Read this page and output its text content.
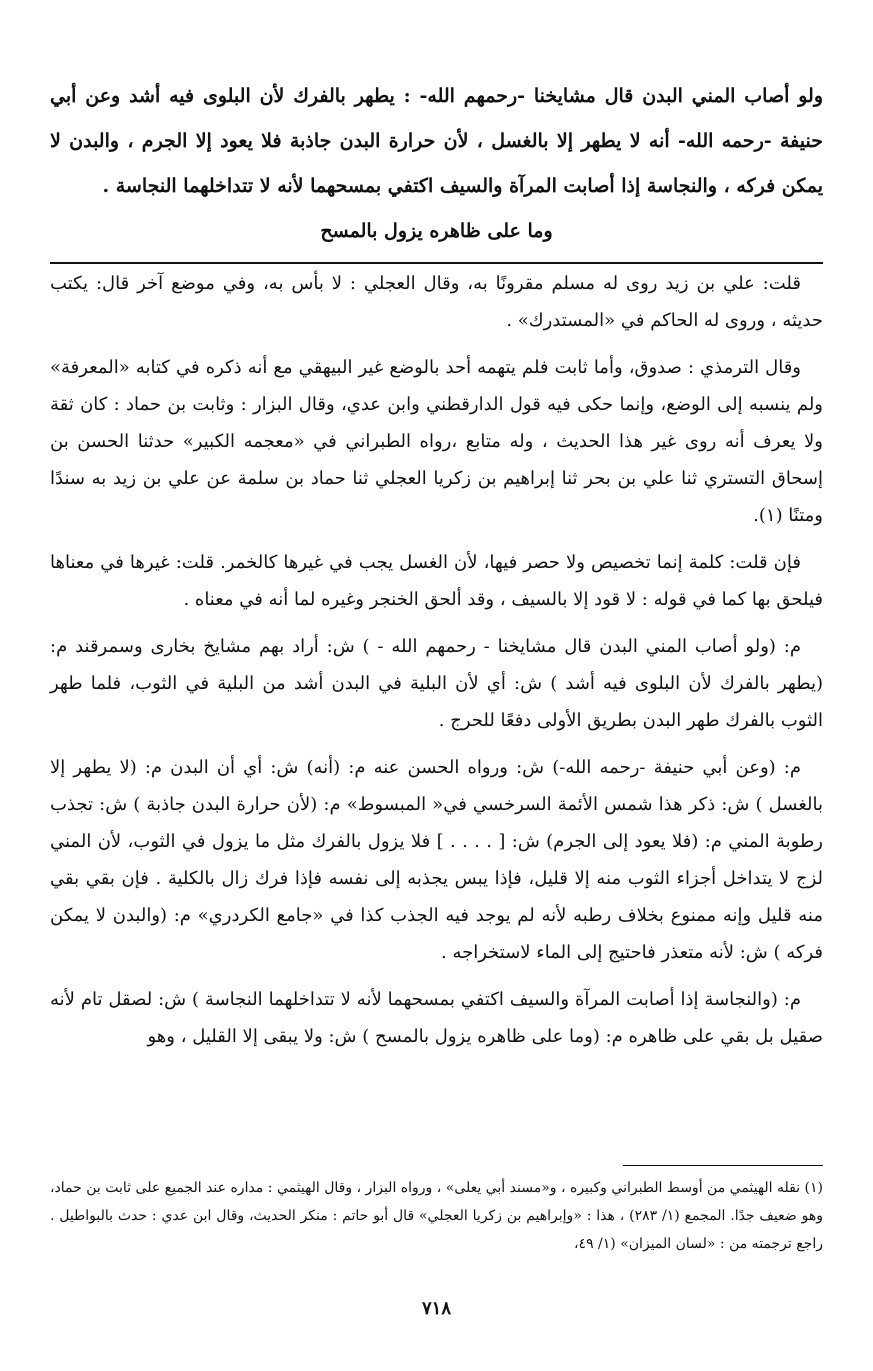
ولو أصاب المني البدن قال مشايخنا -رحمهم الله- : يطهر بالفرك لأن البلوى فيه أشد وعن أبي حنيفة -رحمه الله- أنه لا يطهر إلا بالغسل ، لأن حرارة البدن جاذبة فلا يعود إلا الجرم ، والبدن لا يمكن فركه ، والنجاسة إذا أصابت المرآة والسيف اكتفي بمسحهما لأنه لا تتداخلهما النجاسة .

وما على ظاهره يزول بالمسح

قلت: علي بن زيد روى له مسلم مقرونًا به، وقال العجلي : لا بأس به، وفي موضع آخر قال: يكتب حديثه ، وروى له الحاكم في «المستدرك» .

وقال الترمذي : صدوق، وأما ثابت فلم يتهمه أحد بالوضع غير البيهقي مع أنه ذكره في كتابه «المعرفة» ولم ينسبه إلى الوضع، وإنما حكى فيه قول الدارقطني وابن عدي، وقال البزار : وثابت بن حماد : كان ثقة ولا يعرف أنه روى غير هذا الحديث ، وله متابع ،رواه الطبراني في «معجمه الكبير» حدثنا الحسن بن إسحاق التستري ثنا علي بن بحر ثنا إبراهيم بن زكريا العجلي ثنا حماد بن سلمة عن علي بن زيد به سندًا ومتنًا (١).

فإن قلت: كلمة إنما تخصيص ولا حصر فيها، لأن الغسل يجب في غيرها كالخمر. قلت: غيرها في معناها فيلحق بها كما في قوله : لا قود إلا بالسيف ، وقد ألحق الخنجر وغيره لما أنه في معناه .

م: (ولو أصاب المني البدن قال مشايخنا - رحمهم الله - ) ش: أراد بهم مشايخ بخارى وسمرقند م: (يطهر بالفرك لأن البلوى فيه أشد ) ش: أي لأن البلية في البدن أشد من البلية في الثوب، فلما طهر الثوب بالفرك طهر البدن بطريق الأولى دفعًا للحرج .

م: (وعن أبي حنيفة -رحمه الله-) ش: ورواه الحسن عنه م: (أنه) ش: أي أن البدن م: (لا يطهر إلا بالغسل ) ش: ذكر هذا شمس الأئمة السرخسي في« المبسوط» م: (لأن حرارة البدن جاذبة ) ش: تجذب رطوبة المني م: (فلا يعود إلى الجرم) ش: [ . . . . ] فلا يزول بالفرك مثل ما يزول في الثوب، لأن المني لزج لا يتداخل أجزاء الثوب منه إلا قليل، فإذا يبس يجذبه إلى نفسه فإذا فرك زال بالكلية . فإن بقي بقي منه قليل وإنه ممنوع بخلاف رطبه لأنه لم يوجد فيه الجذب كذا في «جامع الكردري» م: (والبدن لا يمكن فركه ) ش: لأنه متعذر فاحتيج إلى الماء لاستخراجه .

م: (والنجاسة إذا أصابت المرآة والسيف اكتفي بمسحهما لأنه لا تتداخلهما النجاسة ) ش: لصقل تام لأنه صقيل بل بقي على ظاهره م: (وما على ظاهره يزول بالمسح ) ش: ولا يبقى إلا القليل ، وهو

(١) نقله الهيثمي من أوسط الطبراني وكبيره ، و«مسند أبي يعلى» ، ورواه البزار ، وقال الهيثمي : مداره عند الجميع على ثابت بن حماد، وهو ضعيف جدًا. المجمع (١/ ٢٨٣) ، هذا : «وإبراهيم بن زكريا العجلي» قال أبو حاتم : منكر الحديث، وقال ابن عدي : حدث بالبواطيل . راجع ترجمته من : «لسان الميزان» (١/ ٤٩،

٧١٨
